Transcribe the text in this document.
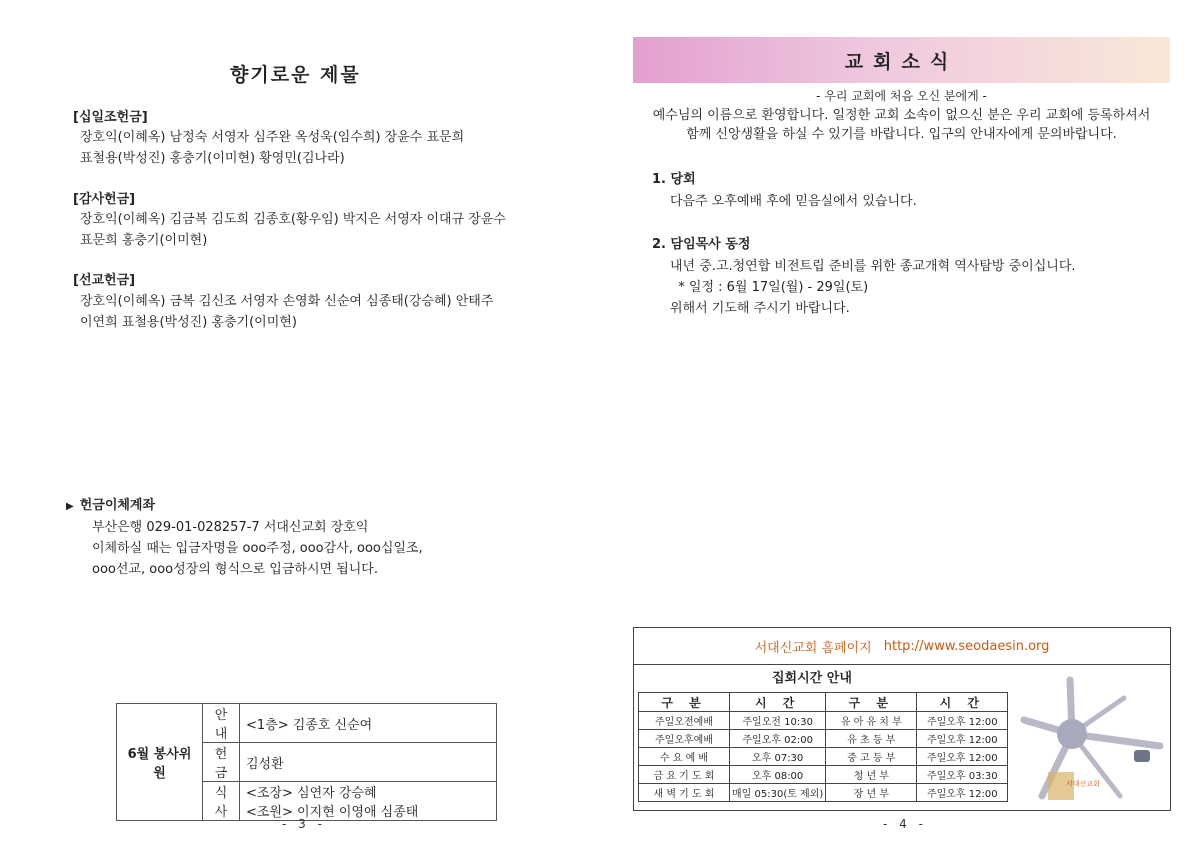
향기로운 제물
[십일조헌금]
장호익(이혜옥) 남정숙 서영자 심주완 옥성욱(임수희) 장윤수 표문희
표철용(박성진) 홍충기(이미현) 황영민(김나라)
[감사헌금]
장호익(이혜옥) 김금복 김도희 김종호(황우임) 박지은 서영자 이대규 장윤수
표문희 홍충기(이미현)
[선교헌금]
장호익(이혜옥) 금복 김신조 서영자 손영화 신순여 심종태(강승혜) 안태주
이연희 표철용(박성진) 홍충기(이미현)
▶ 헌금이체계좌
부산은행 029-01-028257-7 서대신교회 장호익
이체하실 때는 입금자명을 ooo주정, ooo감사, ooo십일조,
ooo선교, ooo성장의 형식으로 입금하시면 됩니다.
6월 봉사위원	안내	<1층> 김종호 신순여
	헌금	김성환
	식사	<조장> 심연자 강승혜
<조원> 이지현 이영애 심종태
- 3 -
교회소식
- 우리 교회에 처음 오신 분에게 -
예수님의 이름으로 환영합니다. 일정한 교회 소속이 없으신 분은 우리 교회에 등록하셔서
함께 신앙생활을 하실 수 있기를 바랍니다. 입구의 안내자에게 문의바랍니다.
1. 당회
다음주 오후예배 후에 믿음실에서 있습니다.
2. 담임목사 동정
내년 중.고.청연합 비전트립 준비를 위한 종교개혁 역사탐방 중이십니다.
* 일정 : 6월 17일(월) - 29일(토)
위해서 기도해 주시기 바랍니다.
서대신교회 홈페이지 http://www.seodaesin.org
집회시간 안내
구 분	시 간	구 분	시 간
주일오전예배	주일오전 10:30	유 아 유 치 부	주일오후 12:00
주일오후예배	주일오후 02:00	유 초 등 부	주일오후 12:00
수 요 예 배	오후 07:30	중 고 등 부	주일오후 12:00
금 요 기 도 회	오후 08:00	청 년 부	주일오후 03:30
새 벽 기 도 회	매일 05:30(토 제외)	장 년 부	주일오후 12:00
서대신교회
- 4 -
